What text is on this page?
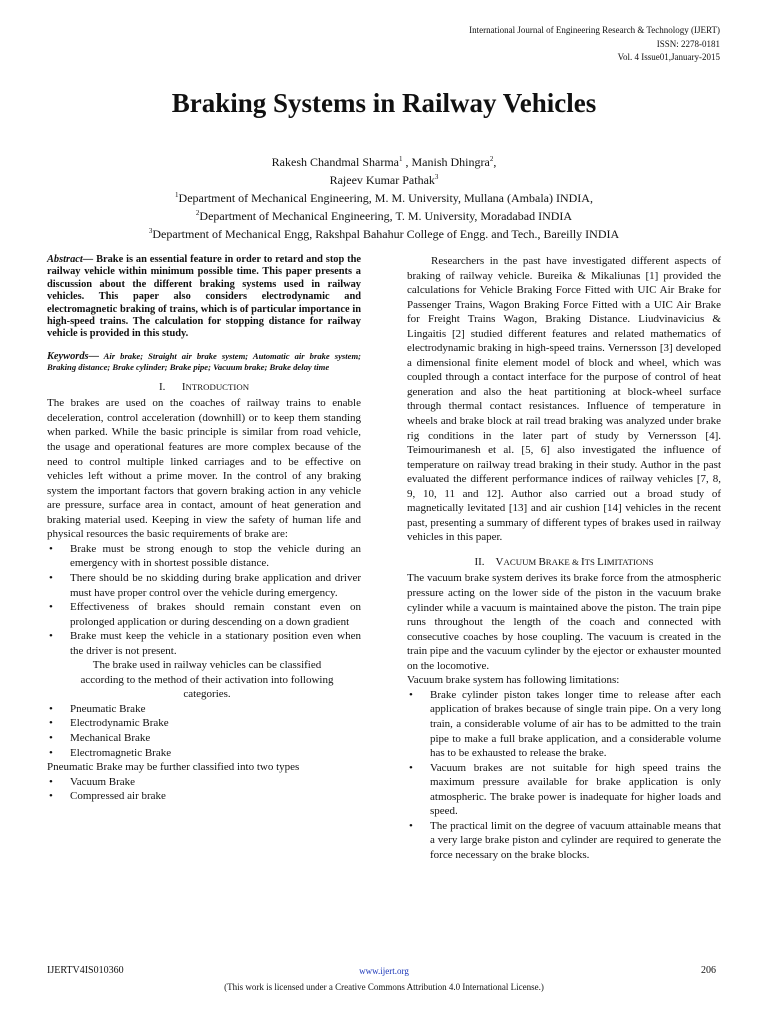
International Journal of Engineering Research & Technology (IJERT)
ISSN: 2278-0181
Vol. 4 Issue01,January-2015
Braking Systems in Railway Vehicles
Rakesh Chandmal Sharma$^1$ , Manish Dhingra$^2$,
Rajeev Kumar Pathak$^3$
$^1$Department of Mechanical Engineering, M. M. University, Mullana (Ambala) INDIA,
$^2$Department of Mechanical Engineering, T. M. University, Moradabad INDIA
$^3$Department of Mechanical Engg, Rakshpal Bahahur College of Engg. and Tech., Bareilly INDIA

Abstract— Brake is an essential feature in order to retard and stop the railway vehicle within minimum possible time. This paper presents a discussion about the different braking systems used in railway vehicles. This paper also considers electrodynamic and electromagnetic braking of trains, which is of particular importance in high-speed trains. The calculation for stopping distance for railway vehicle is provided in this study.

Keywords— Air brake; Straight air brake system; Automatic air brake system; Braking distance; Brake cylinder; Brake pipe; Vacuum brake; Brake delay time

I. INTRODUCTION

The brakes are used on the coaches of railway trains to enable deceleration, control acceleration (downhill) or to keep them standing when parked. While the basic principle is similar from road vehicle, the usage and operational features are more complex because of the need to control multiple linked carriages and to be effective on vehicles left without a prime mover. In the control of any braking system the important factors that govern braking action in any vehicle are pressure, surface area in contact, amount of heat generation and braking material used. Keeping in view the safety of human life and physical resources the basic requirements of brake are:

• Brake must be strong enough to stop the vehicle during an emergency with in shortest possible distance.
• There should be no skidding during brake application and driver must have proper control over the vehicle during emergency.
• Effectiveness of brakes should remain constant even on prolonged application or during descending on a down gradient
• Brake must keep the vehicle in a stationary position even when the driver is not present.

The brake used in railway vehicles can be classified according to the method of their activation into following categories.

• Pneumatic Brake
• Electrodynamic Brake
• Mechanical Brake
• Electromagnetic Brake

Pneumatic Brake may be further classified into two types

• Vacuum Brake
• Compressed air brake

Researchers in the past have investigated different aspects of braking of railway vehicle. Bureika & Mikaliunas [1] provided the calculations for Vehicle Braking Force Fitted with UIC Air Brake for Passenger Trains, Wagon Braking Force Fitted with a UIC Air Brake for Freight Trains Wagon, Braking Distance. Liudvinavicius & Lingaitis [2] studied different features and related mathematics of electrodynamic braking in high-speed trains. Vernersson [3] developed a dimensional finite element model of block and wheel, which was coupled through a contact interface for the purpose of control of heat generation and also the heat partitioning at block-wheel surface through thermal contact resistances. Influence of temperature in wheels and brake block at rail tread braking was analyzed under brake rig conditions in the later part of study by Vernersson [4]. Teimourimanesh et al. [5, 6] also investigated the influence of temperature on railway tread braking in their study. Author in the past evaluated the different performance indices of railway vehicles [7, 8, 9, 10, 11 and 12]. Author also carried out a broad study of magnetically levitated [13] and air cushion [14] vehicles in the recent past, presenting a summary of different types of brakes used in railway vehicles in this paper.

II. VACUUM BRAKE & ITS LIMITATIONS

The vacuum brake system derives its brake force from the atmospheric pressure acting on the lower side of the piston in the vacuum brake cylinder while a vacuum is maintained above the piston. The train pipe runs throughout the length of the coach and connected with consecutive coaches by hose coupling. The vacuum is created in the train pipe and the vacuum cylinder by the ejector or exhauster mounted on the locomotive.

Vacuum brake system has following limitations:

• Brake cylinder piston takes longer time to release after each application of brakes because of single train pipe. On a very long train, a considerable volume of air has to be admitted to the train pipe to make a full brake application, and a considerable volume has to be exhausted to release the brake.
• Vacuum brakes are not suitable for high speed trains the maximum pressure available for brake application is only atmospheric. The brake power is inadequate for higher loads and speed.
• The practical limit on the degree of vacuum attainable means that a very large brake piston and cylinder are required to generate the force necessary on the brake blocks.
IJERTV4IS010360	www.ijert.org	206
(This work is licensed under a Creative Commons Attribution 4.0 International License.)
